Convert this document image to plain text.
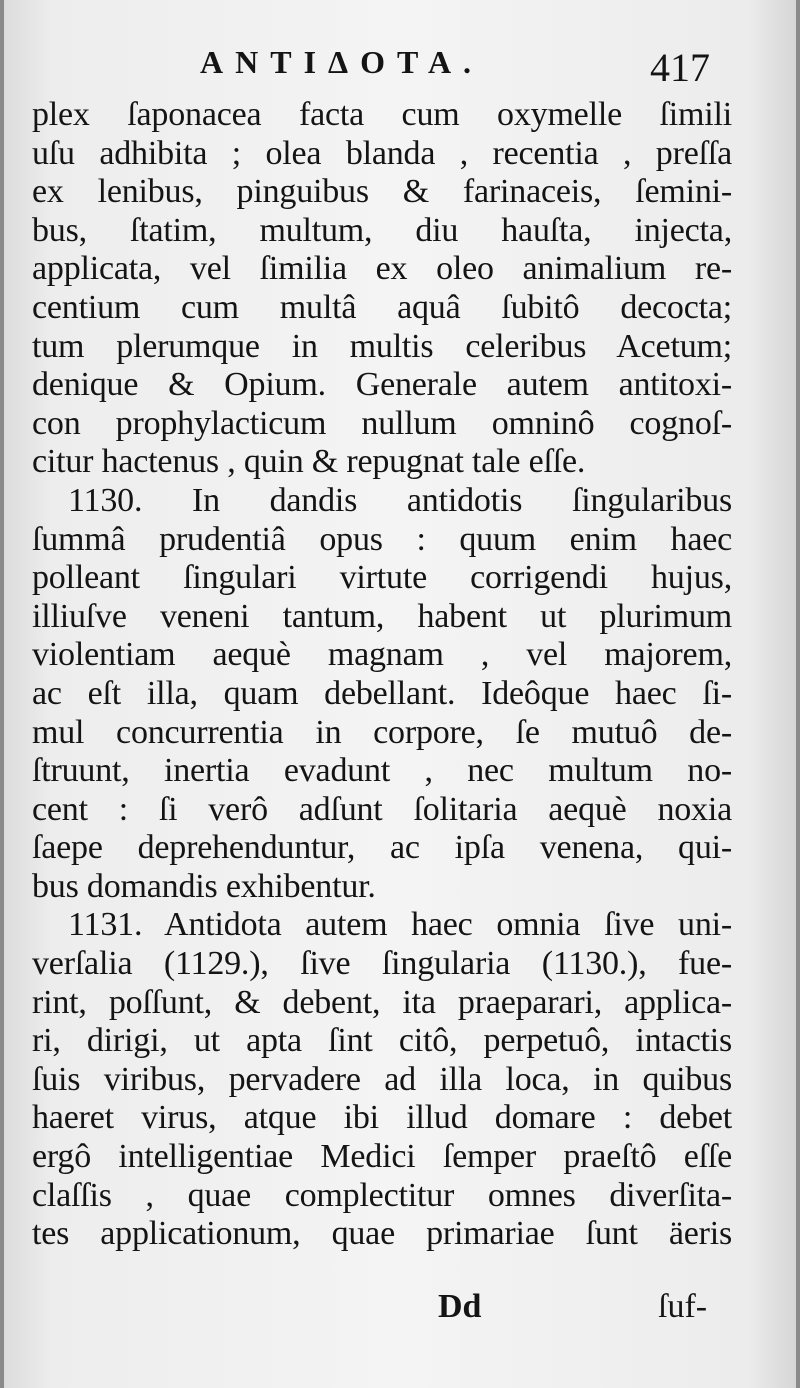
ANTIΔOTA.	417
plex ſaponacea facta cum oxymelle ſimili
uſu adhibita ; olea blanda , recentia , preſſa
ex lenibus, pinguibus & farinaceis, ſemini-
bus, ſtatim, multum, diu hauſta, injecta,
applicata, vel ſimilia ex oleo animalium re-
centium cum multâ aquâ ſubitô decocta;
tum plerumque in multis celeribus Acetum;
denique & Opium. Generale autem antitoxi-
con prophylacticum nullum omninô cognoſ-
citur hactenus , quin & repugnat tale eſſe.
1130. In dandis antidotis ſingularibus
ſummâ prudentiâ opus : quum enim haec
polleant ſingulari virtute corrigendi hujus,
illiuſve veneni tantum, habent ut plurimum
violentiam aequè magnam , vel majorem,
ac eſt illa, quam debellant. Ideôque haec ſi-
mul concurrentia in corpore, ſe mutuô de-
ſtruunt, inertia evadunt , nec multum no-
cent : ſi verô adſunt ſolitaria aequè noxia
ſaepe deprehenduntur, ac ipſa venena, qui-
bus domandis exhibentur.
1131. Antidota autem haec omnia ſive uni-
verſalia (1129.), ſive ſingularia (1130.), fue-
rint, poſſunt, & debent, ita praeparari, applica-
ri, dirigi, ut apta ſint citô, perpetuô, intactis
ſuis viribus, pervadere ad illa loca, in quibus
haeret virus, atque ibi illud domare : debet
ergô intelligentiae Medici ſemper praeſtô eſſe
claſſis , quae complectitur omnes diverſita-
tes applicationum, quae primariae ſunt äeris
Dd	ſuf-
